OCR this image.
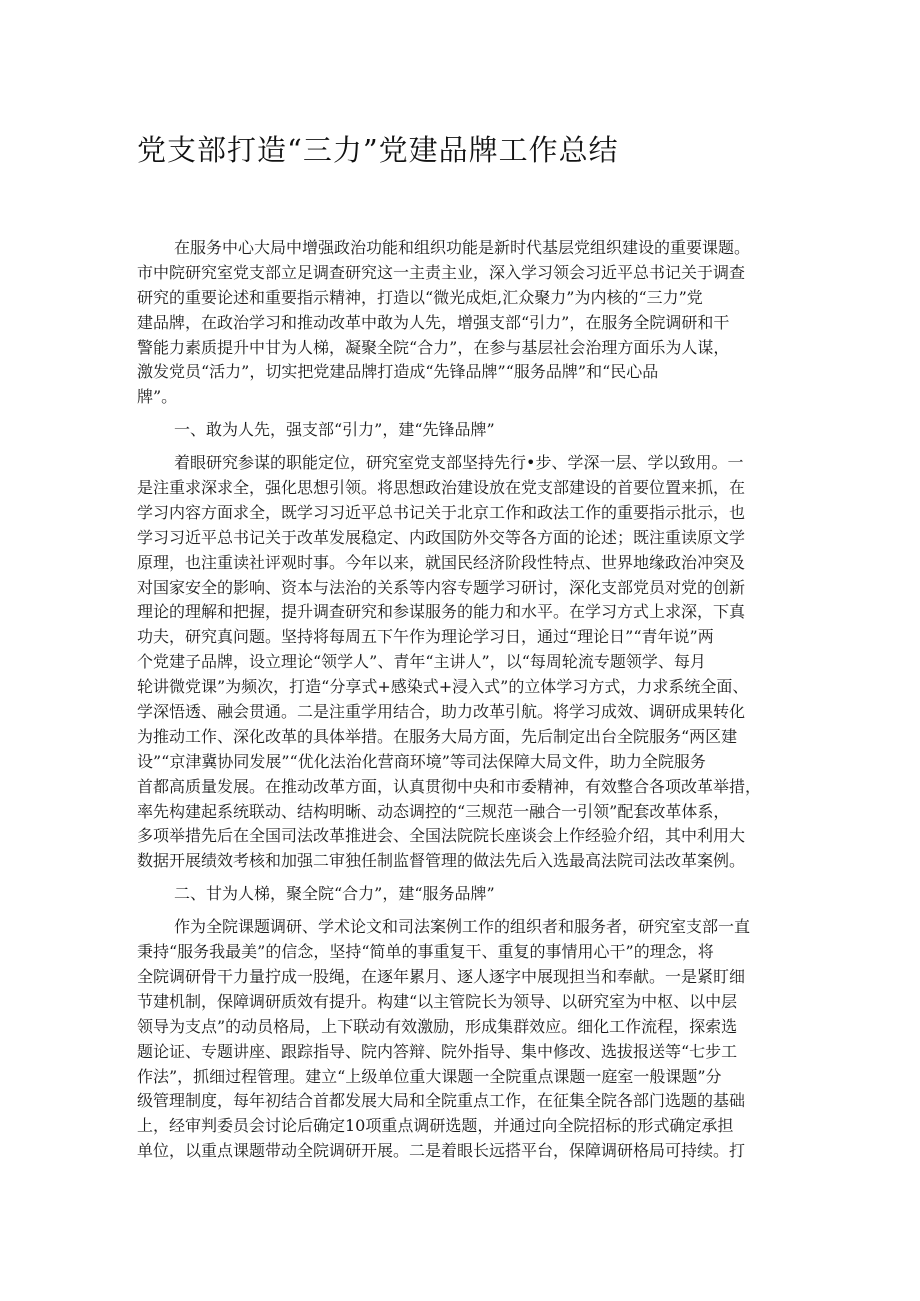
党支部打造“三力”党建品牌工作总结
在服务中心大局中增强政治功能和组织功能是新时代基层党组织建设的重要课题。
市中院研究室党支部立足调查研究这一主责主业，深入学习领会习近平总书记关于调查
研究的重要论述和重要指示精神，打造以“微光成炬,汇众聚力”为内核的“三力”党
建品牌，在政治学习和推动改革中敢为人先，增强支部“引力”，在服务全院调研和干
警能力素质提升中甘为人梯，凝聚全院“合力”，在参与基层社会治理方面乐为人谋，
激发党员“活力”，切实把党建品牌打造成“先锋品牌”“服务品牌”和“民心品
牌”。
一、敢为人先，强支部“引力”，建“先锋品牌”
着眼研究参谋的职能定位，研究室党支部坚持先行•步、学深一层、学以致用。一
是注重求深求全，强化思想引领。将思想政治建设放在党支部建设的首要位置来抓，在
学习内容方面求全，既学习习近平总书记关于北京工作和政法工作的重要指示批示，也
学习习近平总书记关于改革发展稳定、内政国防外交等各方面的论述；既注重读原文学
原理，也注重读社评观时事。今年以来，就国民经济阶段性特点、世界地缘政治冲突及
对国家安全的影响、资本与法治的关系等内容专题学习研讨，深化支部党员对党的创新
理论的理解和把握，提升调查研究和参谋服务的能力和水平。在学习方式上求深，下真
功夫，研究真问题。坚持将每周五下午作为理论学习日，通过“理论日”“青年说”两
个党建子品牌，设立理论“领学人”、青年“主讲人”，以“每周轮流专题领学、每月
轮讲微党课”为频次，打造“分享式+感染式+浸入式”的立体学习方式，力求系统全面、
学深悟透、融会贯通。二是注重学用结合，助力改革引航。将学习成效、调研成果转化
为推动工作、深化改革的具体举措。在服务大局方面，先后制定出台全院服务“两区建
设”“京津冀协同发展”“优化法治化营商环境”等司法保障大局文件，助力全院服务
首都高质量发展。在推动改革方面，认真贯彻中央和市委精神，有效整合各项改革举措，
率先构建起系统联动、结构明晰、动态调控的“三规范一融合一引领”配套改革体系，
多项举措先后在全国司法改革推进会、全国法院院长座谈会上作经验介绍，其中利用大
数据开展绩效考核和加强二审独任制监督管理的做法先后入选最高法院司法改革案例。
二、甘为人梯，聚全院“合力”，建“服务品牌”
作为全院课题调研、学术论文和司法案例工作的组织者和服务者，研究室支部一直
秉持“服务我最美”的信念，坚持“简单的事重复干、重复的事情用心干”的理念，将
全院调研骨干力量拧成一股绳，在逐年累月、逐人逐字中展现担当和奉献。一是紧盯细
节建机制，保障调研质效有提升。构建“以主管院长为领导、以研究室为中枢、以中层
领导为支点”的动员格局，上下联动有效激励，形成集群效应。细化工作流程，探索选
题论证、专题讲座、跟踪指导、院内答辩、院外指导、集中修改、选拔报送等“七步工
作法”，抓细过程管理。建立“上级单位重大课题一全院重点课题一庭室一般课题”分
级管理制度，每年初结合首都发展大局和全院重点工作，在征集全院各部门选题的基础
上，经审判委员会讨论后确定10项重点调研选题，并通过向全院招标的形式确定承担
单位，以重点课题带动全院调研开展。二是着眼长远搭平台，保障调研格局可持续。打
